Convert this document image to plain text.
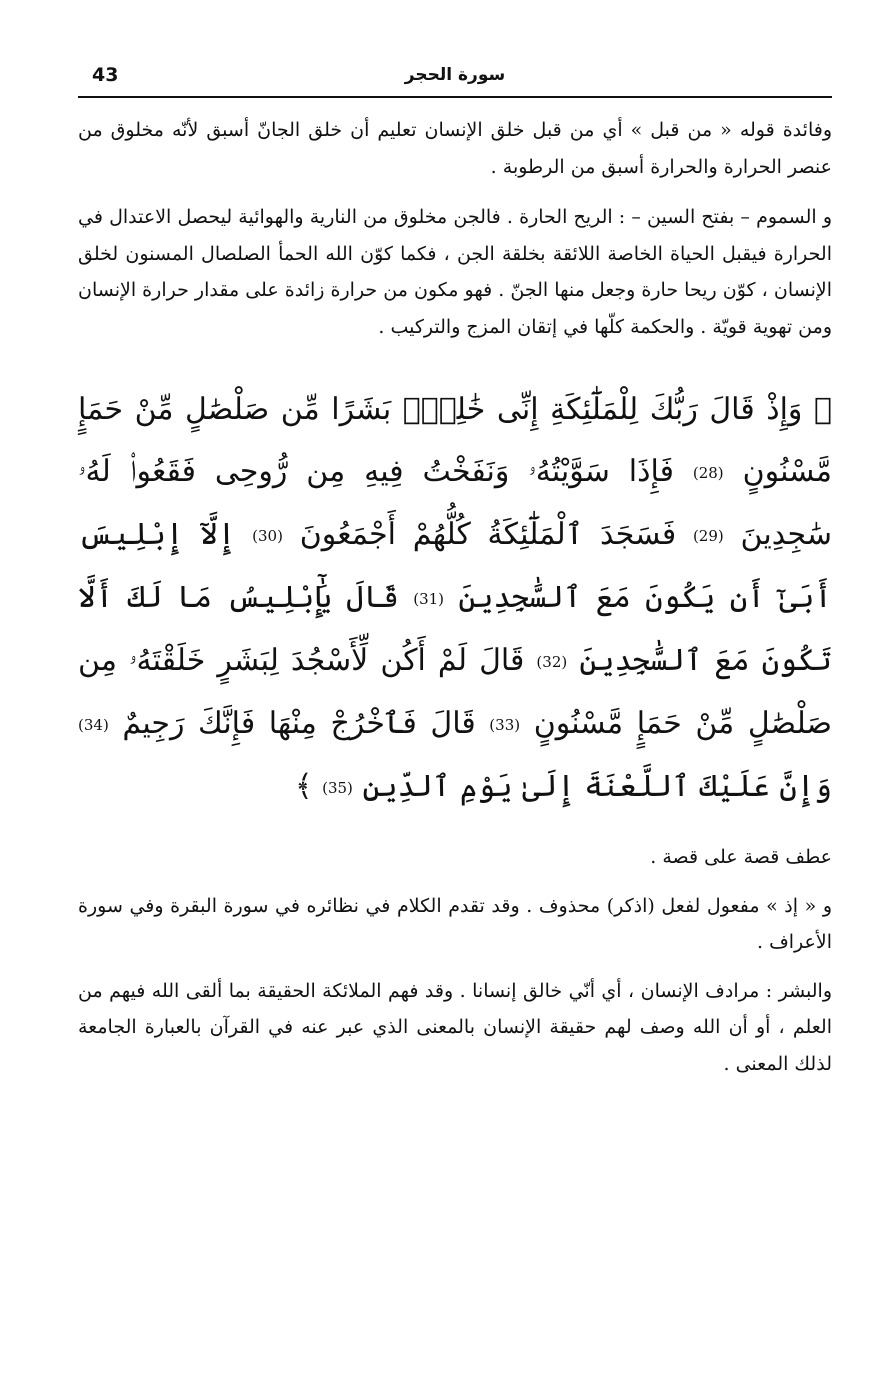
43	سورة الحجر

وفائدة قوله « من قبل » أي من قبل خلق الإنسان تعليم أن خلق الجانّ أسبق لأنّه مخلوق من عنصر الحرارة والحرارة أسبق من الرطوبة .

و السموم – بفتح السين – : الريح الحارة . فالجن مخلوق من النارية والهوائية ليحصل الاعتدال في الحرارة فيقبل الحياة الخاصة اللائقة بخلقة الجن ، فكما كوّن الله الحمأ الصلصال المسنون لخلق الإنسان ، كوّن ريحا حارة وجعل منها الجنّ . فهو مكون من حرارة زائدة على مقدار حرارة الإنسان ومن تهوية قويّة . والحكمة كلّها في إتقان المزج والتركيب .

﴿ وَإِذْ قَالَ رَبُّكَ لِلْمَلَٰٓئِكَةِ إِنِّى خَٰلِقٌۢ بَشَرًا مِّن صَلْصَٰلٍ مِّنْ حَمَإٍ مَّسْنُونٍ (28) فَإِذَا سَوَّيْتُهُۥ وَنَفَخْتُ فِيهِ مِن رُّوحِى فَقَعُوا۟ لَهُۥ سَٰجِدِينَ (29) فَسَجَدَ ٱلْمَلَٰٓئِكَةُ كُلُّهُمْ أَجْمَعُونَ (30) إِلَّآ إِبْلِيسَ أَبَىٰٓ أَن يَكُونَ مَعَ ٱلسَّٰجِدِينَ (31) قَالَ يَٰٓإِبْلِيسُ مَا لَكَ أَلَّا تَكُونَ مَعَ ٱلسَّٰجِدِينَ (32) قَالَ لَمْ أَكُن لِّأَسْجُدَ لِبَشَرٍ خَلَقْتَهُۥ مِن صَلْصَٰلٍ مِّنْ حَمَإٍ مَّسْنُونٍ (33) قَالَ فَٱخْرُجْ مِنْهَا فَإِنَّكَ رَجِيمٌ (34) وَإِنَّ عَلَيْكَ ٱللَّعْنَةَ إِلَىٰ يَوْمِ ٱلدِّينِ (35) ﴾

عطف قصة على قصة .

و « إذ » مفعول لفعل (اذكر) محذوف . وقد تقدم الكلام في نظائره في سورة البقرة وفي سورة الأعراف .

والبشر : مرادف الإنسان ، أي أنّي خالق إنسانا . وقد فهم الملائكة الحقيقة بما ألقى الله فيهم من العلم ، أو أن الله وصف لهم حقيقة الإنسان بالمعنى الذي عبر عنه في القرآن بالعبارة الجامعة لذلك المعنى .
